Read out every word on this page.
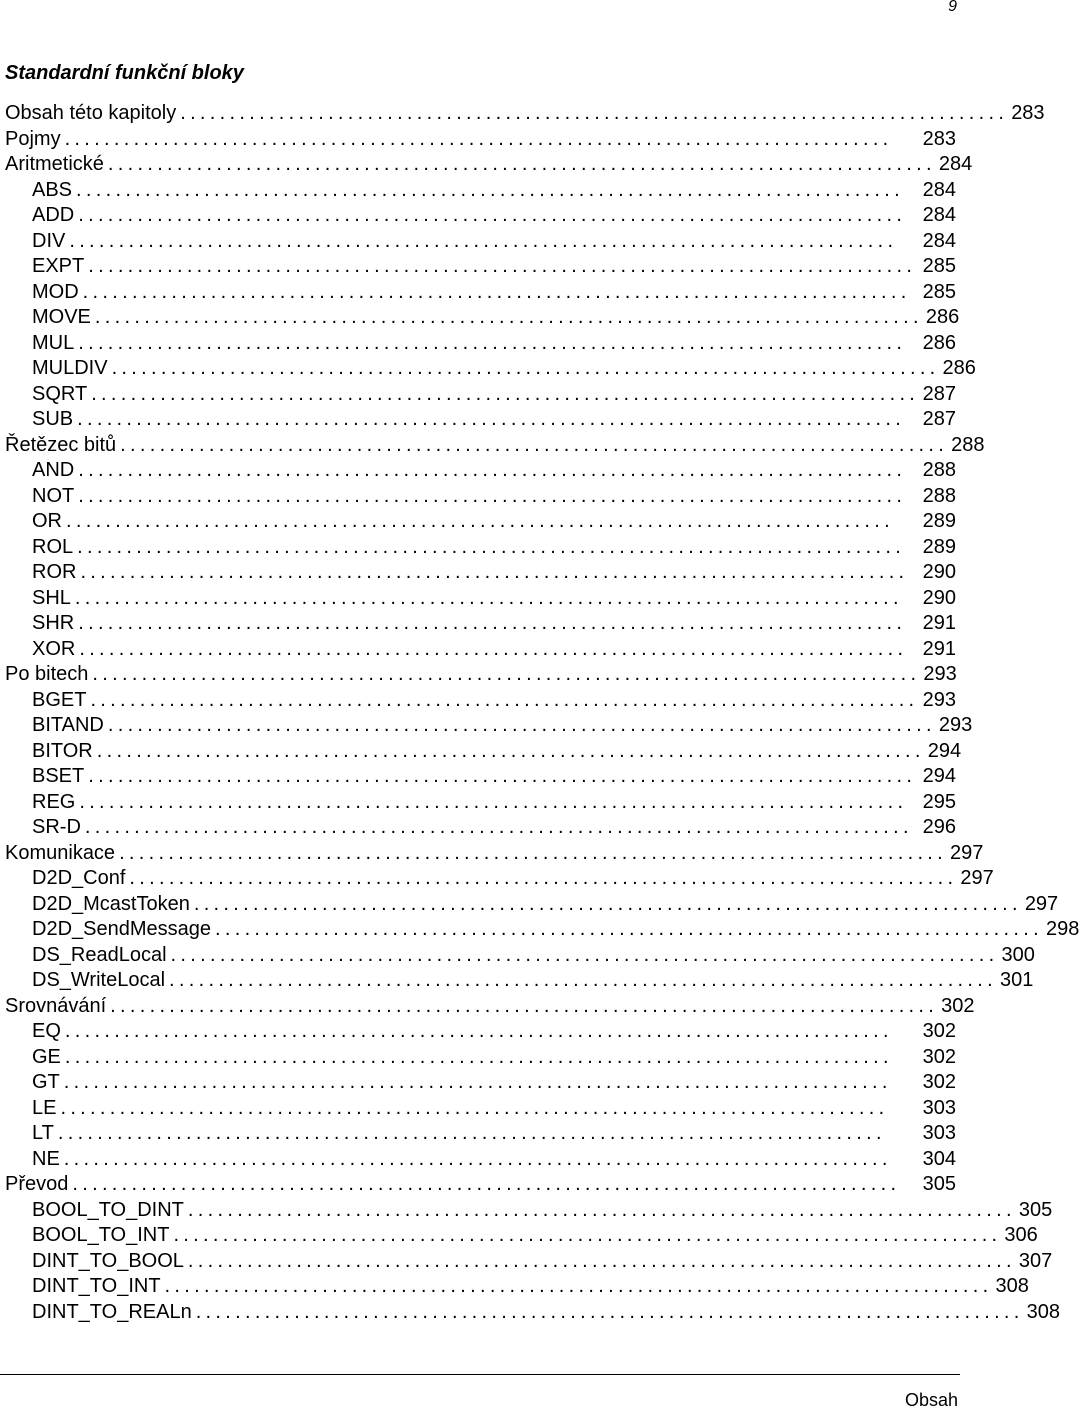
9
Standardní funkční bloky
Obsah této kapitoly .................................................................................... 283
Pojmy ....................................................................................	283
Aritmetické .................................................................................... 284
ABS .................................................................................... 284
ADD .................................................................................... 284
DIV ....................................................................................	284
EXPT .................................................................................... 285
MOD .................................................................................... 285
MOVE .................................................................................... 286
MUL .................................................................................... 286
MULDIV .................................................................................... 286
SQRT .................................................................................... 287
SUB .................................................................................... 287
Řetězec bitů .................................................................................... 288
AND .................................................................................... 288
NOT .................................................................................... 288
OR ....................................................................................	289
ROL .................................................................................... 289
ROR .................................................................................... 290
SHL .................................................................................... 290
SHR .................................................................................... 291
XOR .................................................................................... 291
Po bitech .................................................................................... 293
BGET .................................................................................... 293
BITAND .................................................................................... 293
BITOR .................................................................................... 294
BSET .................................................................................... 294
REG .................................................................................... 295
SR-D .................................................................................... 296
Komunikace .................................................................................... 297
D2D_Conf .................................................................................... 297
D2D_McastToken .................................................................................... 297
D2D_SendMessage .................................................................................... 298
DS_ReadLocal .................................................................................... 300
DS_WriteLocal .................................................................................... 301
Srovnávání .................................................................................... 302
EQ ....................................................................................	302
GE ....................................................................................	302
GT ....................................................................................	302
LE ....................................................................................	303
LT ....................................................................................	303
NE ....................................................................................	304
Převod ....................................................................................	305
BOOL_TO_DINT .................................................................................... 305
BOOL_TO_INT .................................................................................... 306
DINT_TO_BOOL .................................................................................... 307
DINT_TO_INT .................................................................................... 308
DINT_TO_REALn .................................................................................... 308
Obsah
